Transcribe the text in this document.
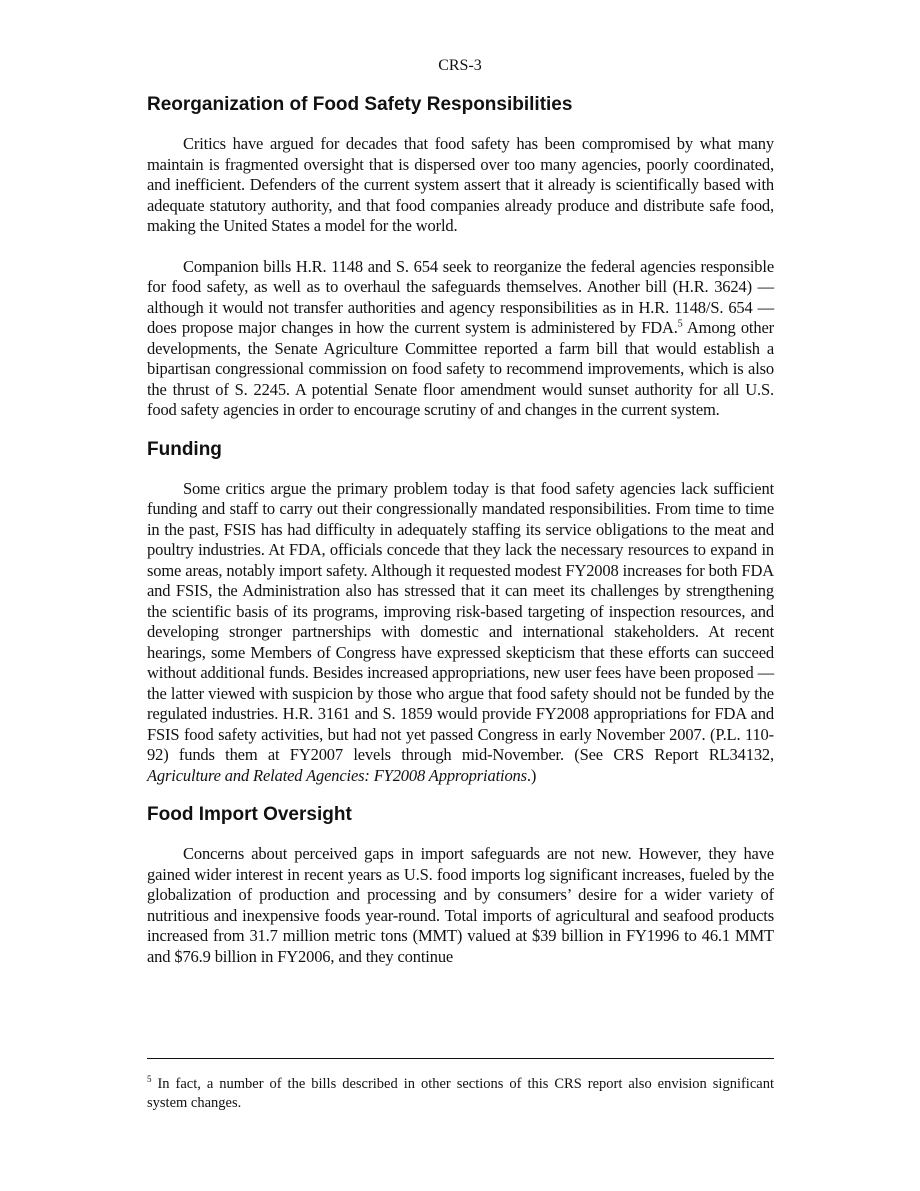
CRS-3
Reorganization of Food Safety Responsibilities

Critics have argued for decades that food safety has been compromised by what many maintain is fragmented oversight that is dispersed over too many agencies, poorly coordinated, and inefficient. Defenders of the current system assert that it already is scientifically based with adequate statutory authority, and that food companies already produce and distribute safe food, making the United States a model for the world.

Companion bills H.R. 1148 and S. 654 seek to reorganize the federal agencies responsible for food safety, as well as to overhaul the safeguards themselves. Another bill (H.R. 3624) — although it would not transfer authorities and agency responsibilities as in H.R. 1148/S. 654 — does propose major changes in how the current system is administered by FDA.$^5$ Among other developments, the Senate Agriculture Committee reported a farm bill that would establish a bipartisan congressional commission on food safety to recommend improvements, which is also the thrust of S. 2245. A potential Senate floor amendment would sunset authority for all U.S. food safety agencies in order to encourage scrutiny of and changes in the current system.

Funding

Some critics argue the primary problem today is that food safety agencies lack sufficient funding and staff to carry out their congressionally mandated responsibilities. From time to time in the past, FSIS has had difficulty in adequately staffing its service obligations to the meat and poultry industries. At FDA, officials concede that they lack the necessary resources to expand in some areas, notably import safety. Although it requested modest FY2008 increases for both FDA and FSIS, the Administration also has stressed that it can meet its challenges by strengthening the scientific basis of its programs, improving risk-based targeting of inspection resources, and developing stronger partnerships with domestic and international stakeholders. At recent hearings, some Members of Congress have expressed skepticism that these efforts can succeed without additional funds. Besides increased appropriations, new user fees have been proposed — the latter viewed with suspicion by those who argue that food safety should not be funded by the regulated industries. H.R. 3161 and S. 1859 would provide FY2008 appropriations for FDA and FSIS food safety activities, but had not yet passed Congress in early November 2007. (P.L. 110-92) funds them at FY2007 levels through mid-November. (See CRS Report RL34132, Agriculture and Related Agencies: FY2008 Appropriations.)

Food Import Oversight

Concerns about perceived gaps in import safeguards are not new. However, they have gained wider interest in recent years as U.S. food imports log significant increases, fueled by the globalization of production and processing and by consumers’ desire for a wider variety of nutritious and inexpensive foods year-round. Total imports of agricultural and seafood products increased from 31.7 million metric tons (MMT) valued at $39 billion in FY1996 to 46.1 MMT and $76.9 billion in FY2006, and they continue

$^5$ In fact, a number of the bills described in other sections of this CRS report also envision significant system changes.
